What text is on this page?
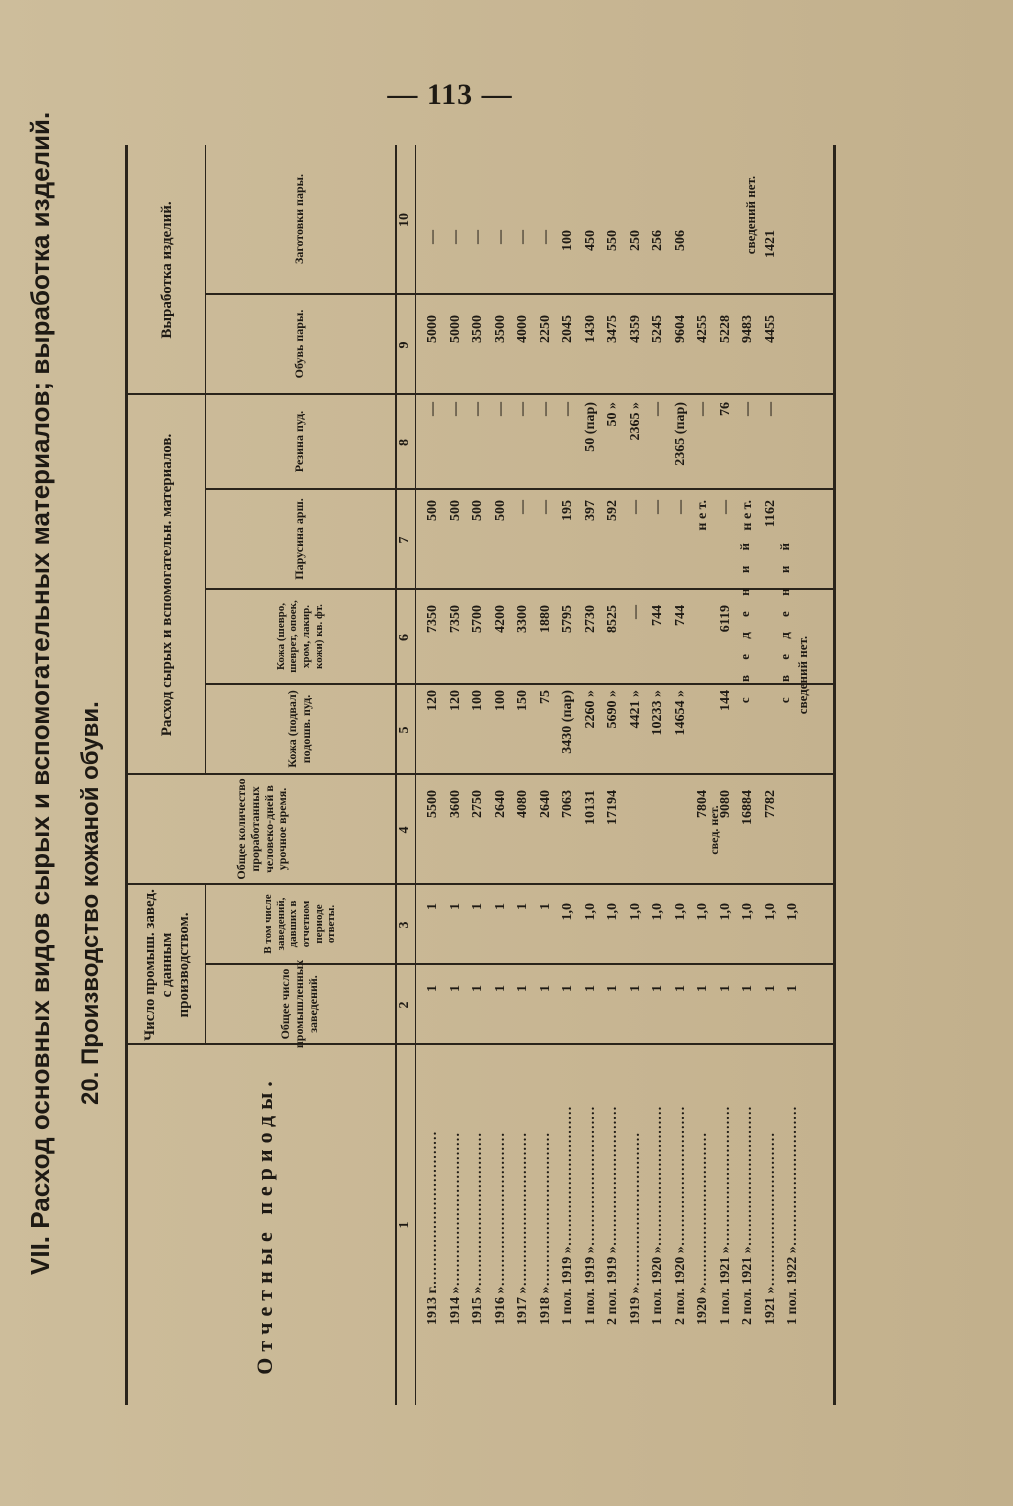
— 113 —
VII. Расход основных видов сырых и вспомогательных материалов; выработка изделий. 20. Производство кожаной обуви.
Отчетные периоды.
Число промыш. завед. с данным производством.	Общее число промышленных заведений.
В том числе заведений, давших в отчетном периоде ответы.
Общее количество проработанных человеко-дней в урочное время.
Расход сырых и вспомогательн. материалов.	Кожа (подвал) подошв. пуд.
Кожа (шевро, шеврет, опоек, хром, лакир. кожи) кв. фт.
Парусина арш.
Резина пуд.
Выработка изделий.
Обувь пары.
Заготовки пары.
1
2
3
4
5
6
7
8
9
10
1913 г.……………………………
1
1
5500
120
7350
500
—
5000
—
1914 »……………………………
1
1
3600
120
7350
500
—
5000
—
1915 »……………………………
1
1
2750
100
5700
500
—
3500
—
1916 »……………………………
1
1
2640
100
4200
500
—
3500
—
1917 »……………………………
1
1
4080
150
3300
—
—
4000
—
1918 »……………………………
1
1
2640
75
1880
—
—
2250
—
1 пол. 1919 »…………………………
1
1,0
7063
3430 (пар)
5795
195
—
2045
100
1 пол. 1919 »…………………………
1
1,0
10131
2260 »
2730
397
50 (пар)
1430
450
2 пол. 1919 »…………………………
1
1,0
17194
5690 »
8525
592
50 »
3475
550
1919 »……………………………
1
1,0
4421 »
—
—
2365 »
4359
250
1 пол. 1920 »…………………………
1
1,0
10233 »
744
—
—
5245
256
2 пол. 1920 »…………………………
1
1,0
14654 »
744
—
2365 (пар)
9604
506
1920 »……………………………
1
1,0
7804
н е т.
—
4255
1 пол. 1921 »…………………………
1
1,0
9080
144
6119
—
76
5228
2 пол. 1921 »…………………………
1
1,0
16884
н е т.
—
9483
1921 »……………………………
1
1,0
7782
1162
—
4455
1421
1 пол. 1922 »…………………………
1
1,0
свед. нет.
с в е д е н и й с в е д е н и й сведений нет.
сведений нет.
